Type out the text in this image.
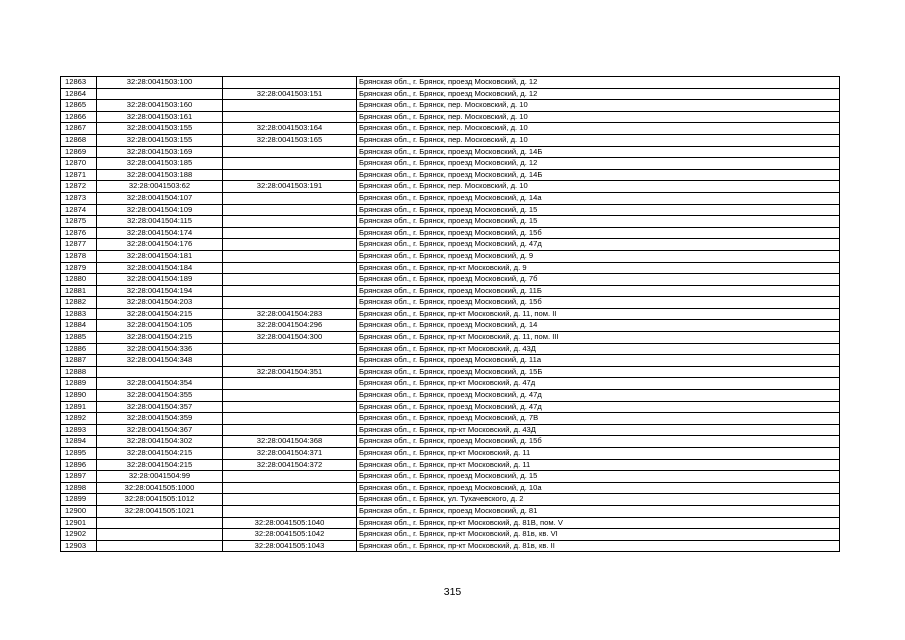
12863	32:28:0041503:100		Брянская обл., г. Брянск, проезд Московский, д. 12
12864		32:28:0041503:151	Брянская обл., г. Брянск, проезд Московский, д. 12
12865	32:28:0041503:160		Брянская обл., г. Брянск, пер. Московский, д. 10
12866	32:28:0041503:161		Брянская обл., г. Брянск, пер. Московский, д. 10
12867	32:28:0041503:155	32:28:0041503:164	Брянская обл., г. Брянск, пер. Московский, д. 10
12868	32:28:0041503:155	32:28:0041503:165	Брянская обл., г. Брянск, пер. Московский, д. 10
12869	32:28:0041503:169		Брянская обл., г. Брянск, проезд Московский, д. 14Б
12870	32:28:0041503:185		Брянская обл., г. Брянск, проезд Московский, д. 12
12871	32:28:0041503:188		Брянская обл., г. Брянск, проезд Московский, д. 14Б
12872	32:28:0041503:62	32:28:0041503:191	Брянская обл., г. Брянск, пер. Московский, д. 10
12873	32:28:0041504:107		Брянская обл., г. Брянск, проезд Московский, д. 14а
12874	32:28:0041504:109		Брянская обл., г. Брянск, проезд Московский, д. 15
12875	32:28:0041504:115		Брянская обл., г. Брянск, проезд Московский, д. 15
12876	32:28:0041504:174		Брянская обл., г. Брянск, проезд Московский, д. 15б
12877	32:28:0041504:176		Брянская обл., г. Брянск, проезд Московский, д. 47д
12878	32:28:0041504:181		Брянская обл., г. Брянск, проезд Московский, д. 9
12879	32:28:0041504:184		Брянская обл., г. Брянск, пр-кт Московский, д. 9
12880	32:28:0041504:189		Брянская обл., г. Брянск, проезд Московский, д. 7б
12881	32:28:0041504:194		Брянская обл., г. Брянск, проезд Московский, д. 11Б
12882	32:28:0041504:203		Брянская обл., г. Брянск, проезд Московский, д. 15б
12883	32:28:0041504:215	32:28:0041504:283	Брянская обл., г. Брянск, пр-кт Московский, д. 11, пом. II
12884	32:28:0041504:105	32:28:0041504:296	Брянская обл., г. Брянск, проезд Московский, д. 14
12885	32:28:0041504:215	32:28:0041504:300	Брянская обл., г. Брянск, пр-кт Московский, д. 11, пом. III
12886	32:28:0041504:336		Брянская обл., г. Брянск, пр-кт Московский, д. 43Д
12887	32:28:0041504:348		Брянская обл., г. Брянск, проезд Московский, д. 11а
12888		32:28:0041504:351	Брянская обл., г. Брянск, проезд Московский, д. 15Б
12889	32:28:0041504:354		Брянская обл., г. Брянск, пр-кт Московский, д. 47д
12890	32:28:0041504:355		Брянская обл., г. Брянск, проезд Московский, д. 47д
12891	32:28:0041504:357		Брянская обл., г. Брянск, проезд Московский, д. 47д
12892	32:28:0041504:359		Брянская обл., г. Брянск, проезд Московский, д. 7В
12893	32:28:0041504:367		Брянская обл., г. Брянск, пр-кт Московский, д. 43Д
12894	32:28:0041504:302	32:28:0041504:368	Брянская обл., г. Брянск, проезд Московский, д. 15б
12895	32:28:0041504:215	32:28:0041504:371	Брянская обл., г. Брянск, пр-кт Московский, д. 11
12896	32:28:0041504:215	32:28:0041504:372	Брянская обл., г. Брянск, пр-кт Московский, д. 11
12897	32:28:0041504:99		Брянская обл., г. Брянск, проезд Московский, д. 15
12898	32:28:0041505:1000		Брянская обл., г. Брянск, проезд Московский, д. 10а
12899	32:28:0041505:1012		Брянская обл., г. Брянск, ул. Тухачевского, д. 2
12900	32:28:0041505:1021		Брянская обл., г. Брянск, проезд Московский, д. 81
12901		32:28:0041505:1040	Брянская обл., г. Брянск, пр-кт Московский, д. 81В, пом. V
12902		32:28:0041505:1042	Брянская обл., г. Брянск, пр-кт Московский, д. 81в, кв. VI
12903		32:28:0041505:1043	Брянская обл., г. Брянск, пр-кт Московский, д. 81в, кв. II
315
